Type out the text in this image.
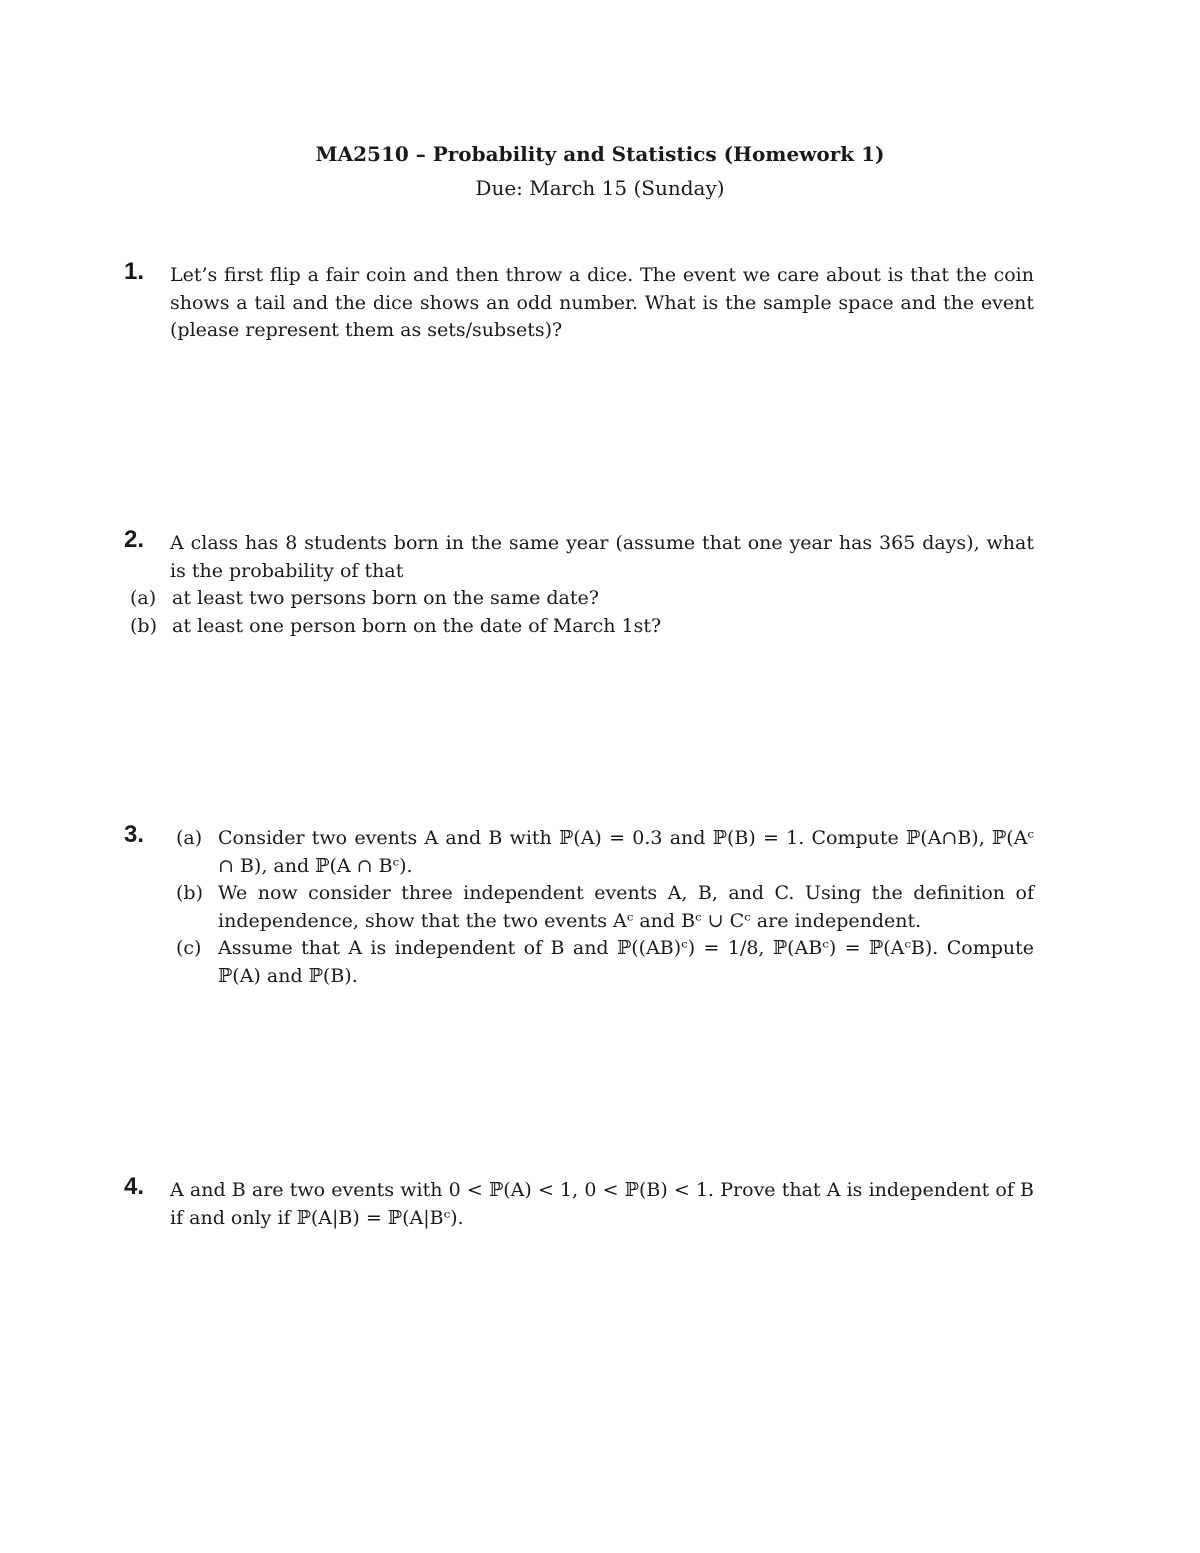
MA2510 – Probability and Statistics (Homework 1)
Due: March 15 (Sunday)
1. Let’s first flip a fair coin and then throw a dice. The event we care about is that the coin shows a tail and the dice shows an odd number. What is the sample space and the event (please represent them as sets/subsets)?
2. A class has 8 students born in the same year (assume that one year has 365 days), what is the probability of that
(a) at least two persons born on the same date?
(b) at least one person born on the date of March 1st?
3. (a) Consider two events A and B with ℙ(A) = 0.3 and ℙ(B) = 1. Compute ℙ(A∩B), ℙ(Aᶜ ∩ B), and ℙ(A ∩ Bᶜ).
(b) We now consider three independent events A, B, and C. Using the definition of independence, show that the two events Aᶜ and Bᶜ ∪ Cᶜ are independent.
(c) Assume that A is independent of B and ℙ((AB)ᶜ) = 1/8, ℙ(ABᶜ) = ℙ(AᶜB). Compute ℙ(A) and ℙ(B).
4. A and B are two events with 0 < ℙ(A) < 1, 0 < ℙ(B) < 1. Prove that A is independent of B if and only if ℙ(A|B) = ℙ(A|Bᶜ).
